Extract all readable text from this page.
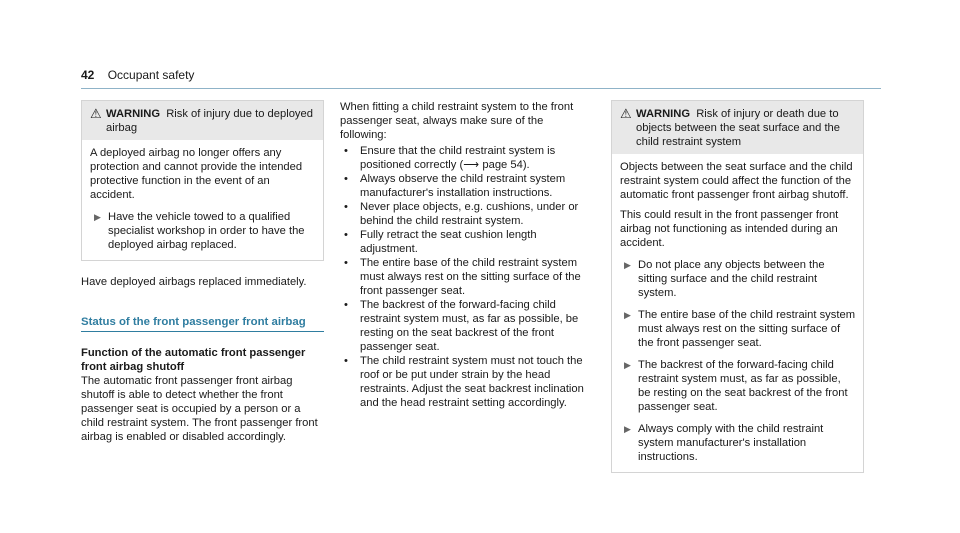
42 Occupant safety
⚠ WARNING Risk of injury due to deployed airbag

A deployed airbag no longer offers any protection and cannot provide the intended protective function in the event of an accident.

▶ Have the vehicle towed to a qualified specialist workshop in order to have the deployed airbag replaced.

Have deployed airbags replaced immediately.

Status of the front passenger front airbag
Function of the automatic front passenger front airbag shutoff

The automatic front passenger front airbag shutoff is able to detect whether the front passenger seat is occupied by a person or a child restraint system. The front passenger front airbag is enabled or disabled accordingly.

When fitting a child restraint system to the front passenger seat, always make sure of the following:

•	Ensure that the child restraint system is positioned correctly (⟶ page 54).
•	Always observe the child restraint system manufacturer's installation instructions.
•	Never place objects, e.g. cushions, under or behind the child restraint system.
•	Fully retract the seat cushion length adjustment.
•	The entire base of the child restraint system must always rest on the sitting surface of the front passenger seat.
•	The backrest of the forward-facing child restraint system must, as far as possible, be resting on the seat backrest of the front passenger seat.
•	The child restraint system must not touch the roof or be put under strain by the head restraints. Adjust the seat backrest inclination and the head restraint setting accordingly.
⚠ WARNING Risk of injury or death due to objects between the seat surface and the child restraint system

Objects between the seat surface and the child restraint system could affect the function of the automatic front passenger front airbag shutoff.

This could result in the front passenger front airbag not functioning as intended during an accident.

▶ Do not place any objects between the sitting surface and the child restraint system.
▶ The entire base of the child restraint system must always rest on the sitting surface of the front passenger seat.
▶ The backrest of the forward-facing child restraint system must, as far as possible, be resting on the seat backrest of the front passenger seat.
▶ Always comply with the child restraint system manufacturer's installation instructions.
